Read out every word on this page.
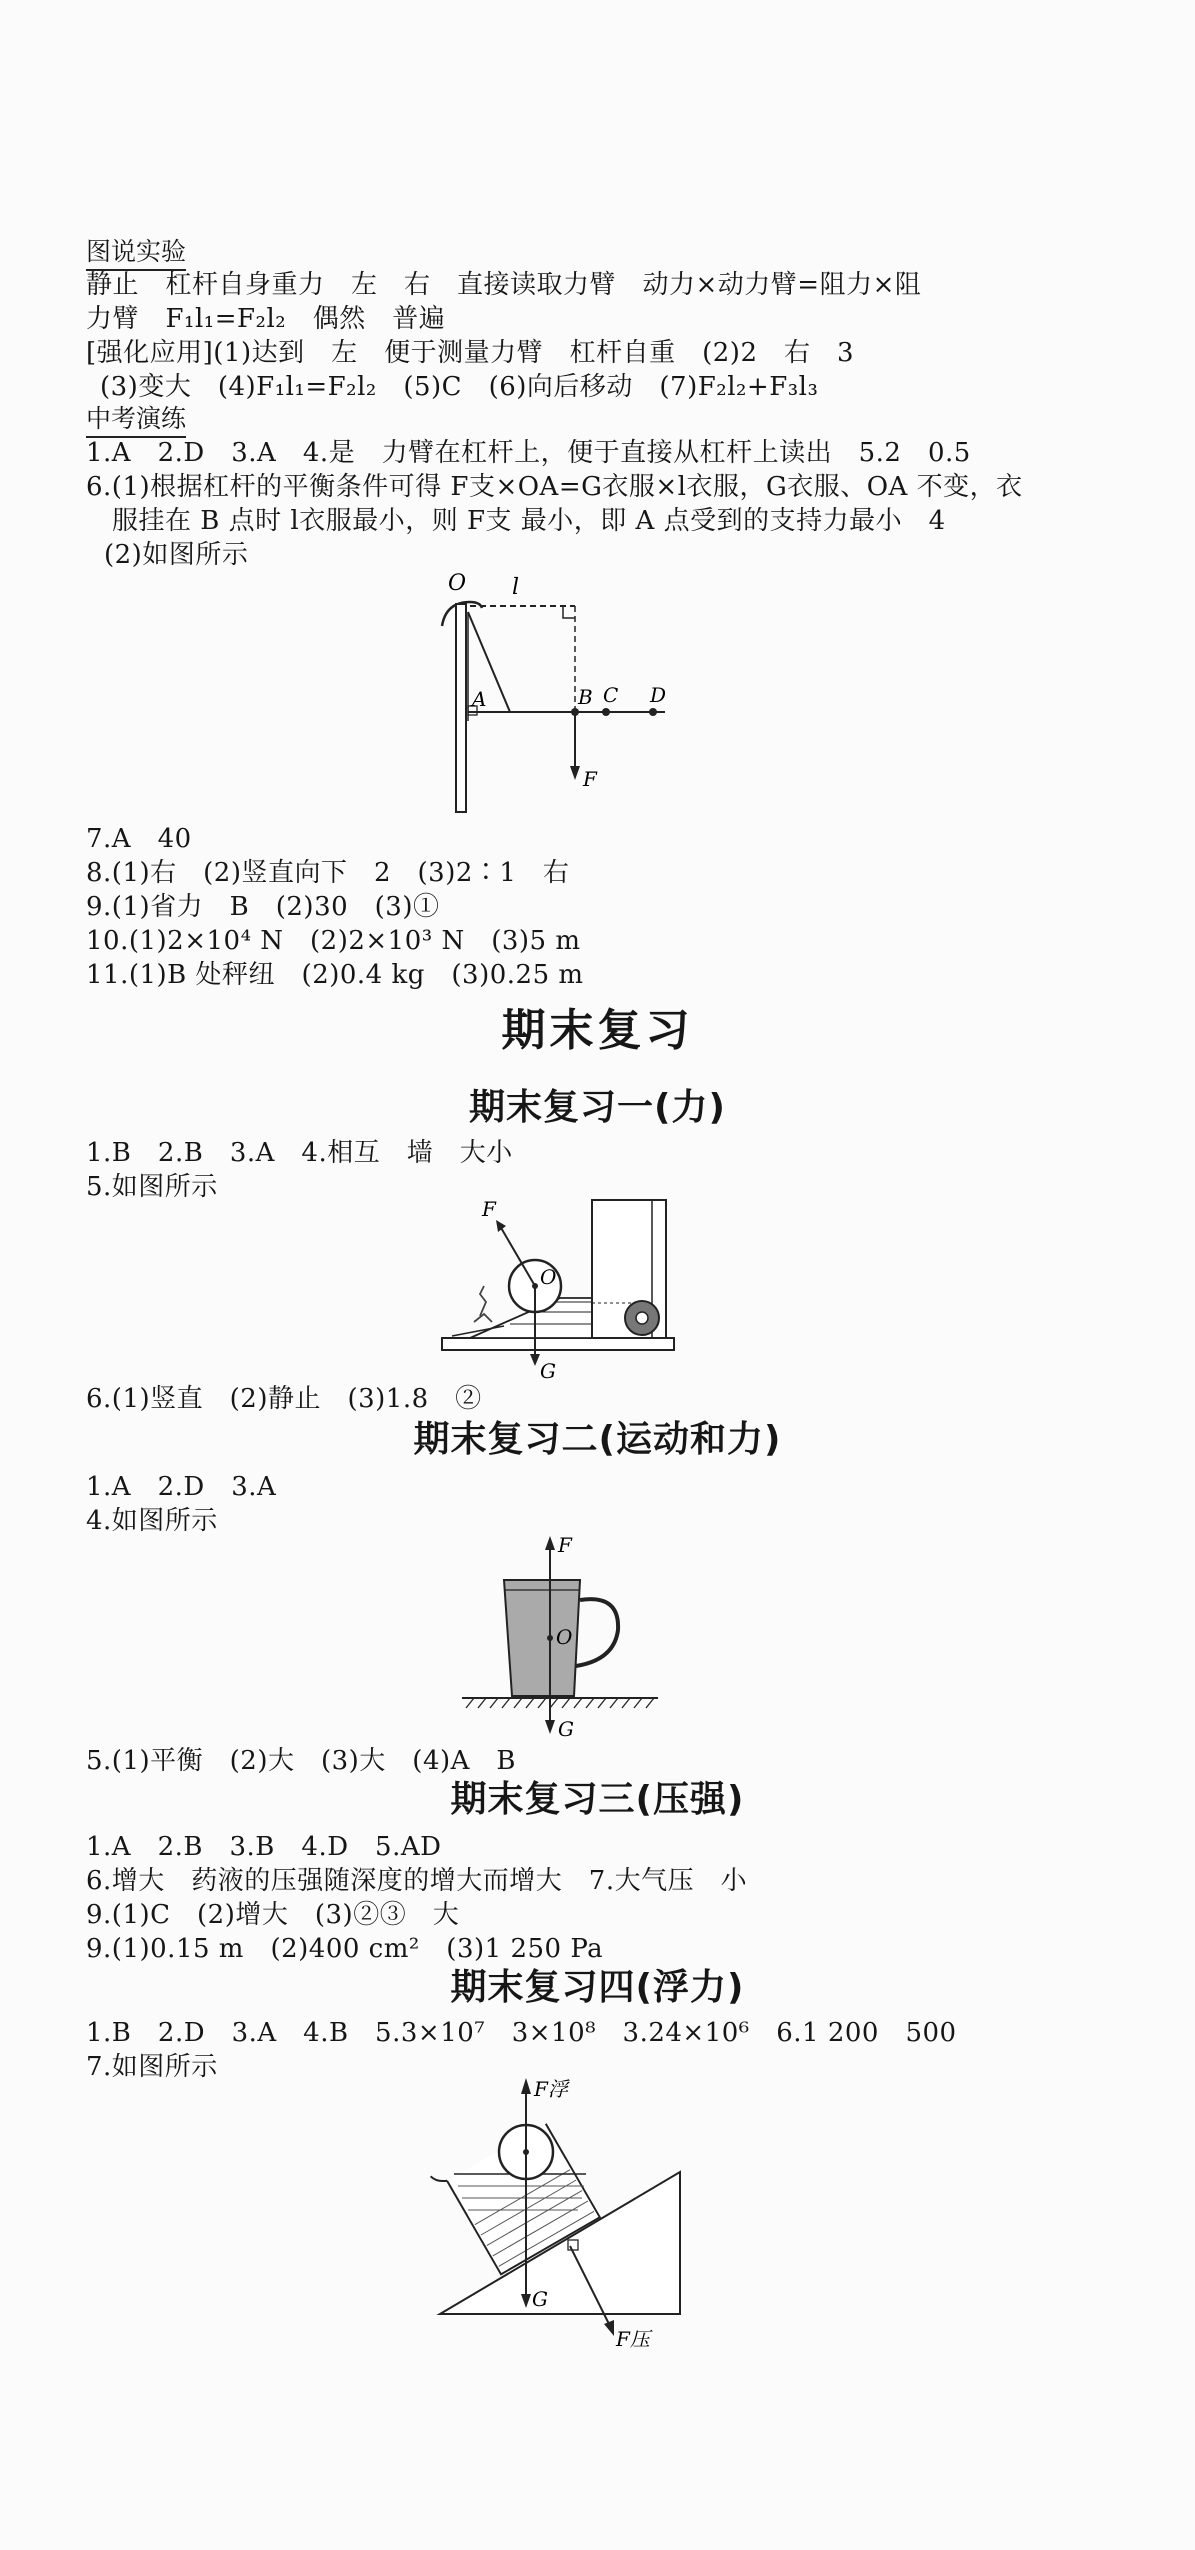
图说实验
静止　杠杆自身重力　左　右　直接读取力臂　动力×动力臂=阻力×阻
力臂　F₁l₁=F₂l₂　偶然　普遍
[强化应用](1)达到　左　便于测量力臂　杠杆自重　(2)2　右　3
(3)变大　(4)F₁l₁=F₂l₂　(5)C　(6)向后移动　(7)F₂l₂+F₃l₃
中考演练
1.A　2.D　3.A　4.是　力臂在杠杆上，便于直接从杠杆上读出　5.2　0.5
6.(1)根据杠杆的平衡条件可得 F支×OA=G衣服×l衣服，G衣服、OA 不变，衣
服挂在 B 点时 l衣服最小，则 F支 最小，即 A 点受到的支持力最小　4
(2)如图所示
O l
A	B C D
F
7.A　40
8.(1)右　(2)竖直向下　2　(3)2∶1　右
9.(1)省力　B　(2)30　(3)①
10.(1)2×10⁴ N　(2)2×10³ N　(3)5 m
11.(1)B 处秤纽　(2)0.4 kg　(3)0.25 m
期末复习
期末复习一(力)
1.B　2.B　3.A　4.相互　墙　大小
5.如图所示
F
O
G
6.(1)竖直　(2)静止　(3)1.8　②
期末复习二(运动和力)
1.A　2.D　3.A
4.如图所示
F
O
G
5.(1)平衡　(2)大　(3)大　(4)A　B
期末复习三(压强)
1.A　2.B　3.B　4.D　5.AD
6.增大　药液的压强随深度的增大而增大　7.大气压　小
9.(1)C　(2)增大　(3)②③　大
9.(1)0.15 m　(2)400 cm²　(3)1 250 Pa
期末复习四(浮力)
1.B　2.D　3.A　4.B　5.3×10⁷　3×10⁸　3.24×10⁶　6.1 200　500
7.如图所示
F浮
G
F压
